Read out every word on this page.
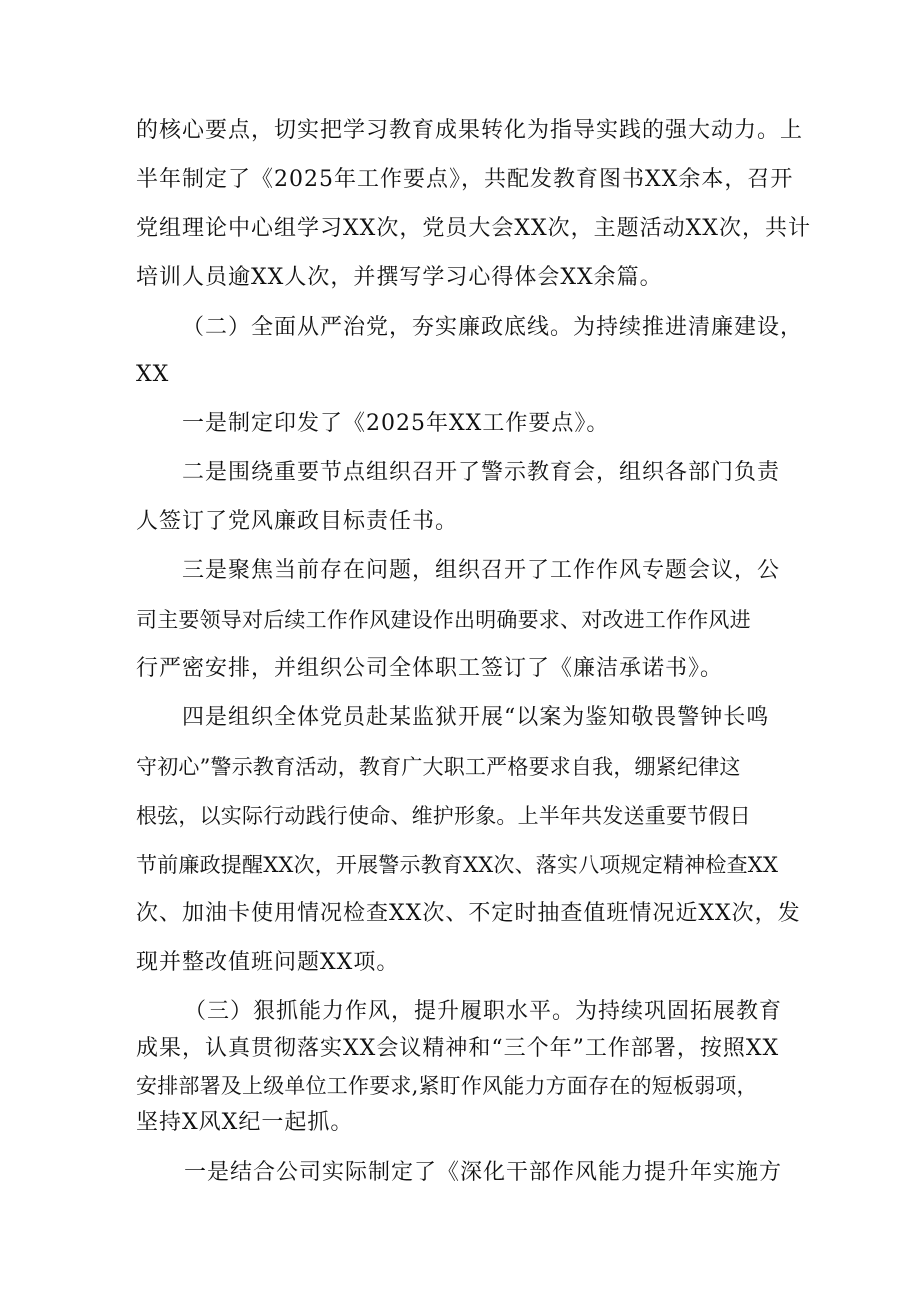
的核心要点，切实把学习教育成果转化为指导实践的强大动力。上
半年制定了《2025年工作要点》，共配发教育图书XX余本，召开
党组理论中心组学习XX次，党员大会XX次，主题活动XX次，共计
培训人员逾XX人次，并撰写学习心得体会XX余篇。
（二）全面从严治党，夯实廉政底线。为持续推进清廉建设，
XX
一是制定印发了《2025年XX工作要点》。
二是围绕重要节点组织召开了警示教育会，组织各部门负责
人签订了党风廉政目标责任书。
三是聚焦当前存在问题，组织召开了工作作风专题会议，公
司主要领导对后续工作作风建设作出明确要求、对改进工作作风进
行严密安排，并组织公司全体职工签订了《廉洁承诺书》。
四是组织全体党员赴某监狱开展“以案为鉴知敬畏警钟长鸣
守初心”警示教育活动，教育广大职工严格要求自我，绷紧纪律这
根弦，以实际行动践行使命、维护形象。上半年共发送重要节假日
节前廉政提醒XX次，开展警示教育XX次、落实八项规定精神检查XX
次、加油卡使用情况检查XX次、不定时抽查值班情况近XX次，发
现并整改值班问题XX项。
（三）狠抓能力作风，提升履职水平。为持续巩固拓展教育
成果，认真贯彻落实XX会议精神和“三个年”工作部署，按照XX
安排部署及上级单位工作要求,紧盯作风能力方面存在的短板弱项，
坚持X风X纪一起抓。
一是结合公司实际制定了《深化干部作风能力提升年实施方
